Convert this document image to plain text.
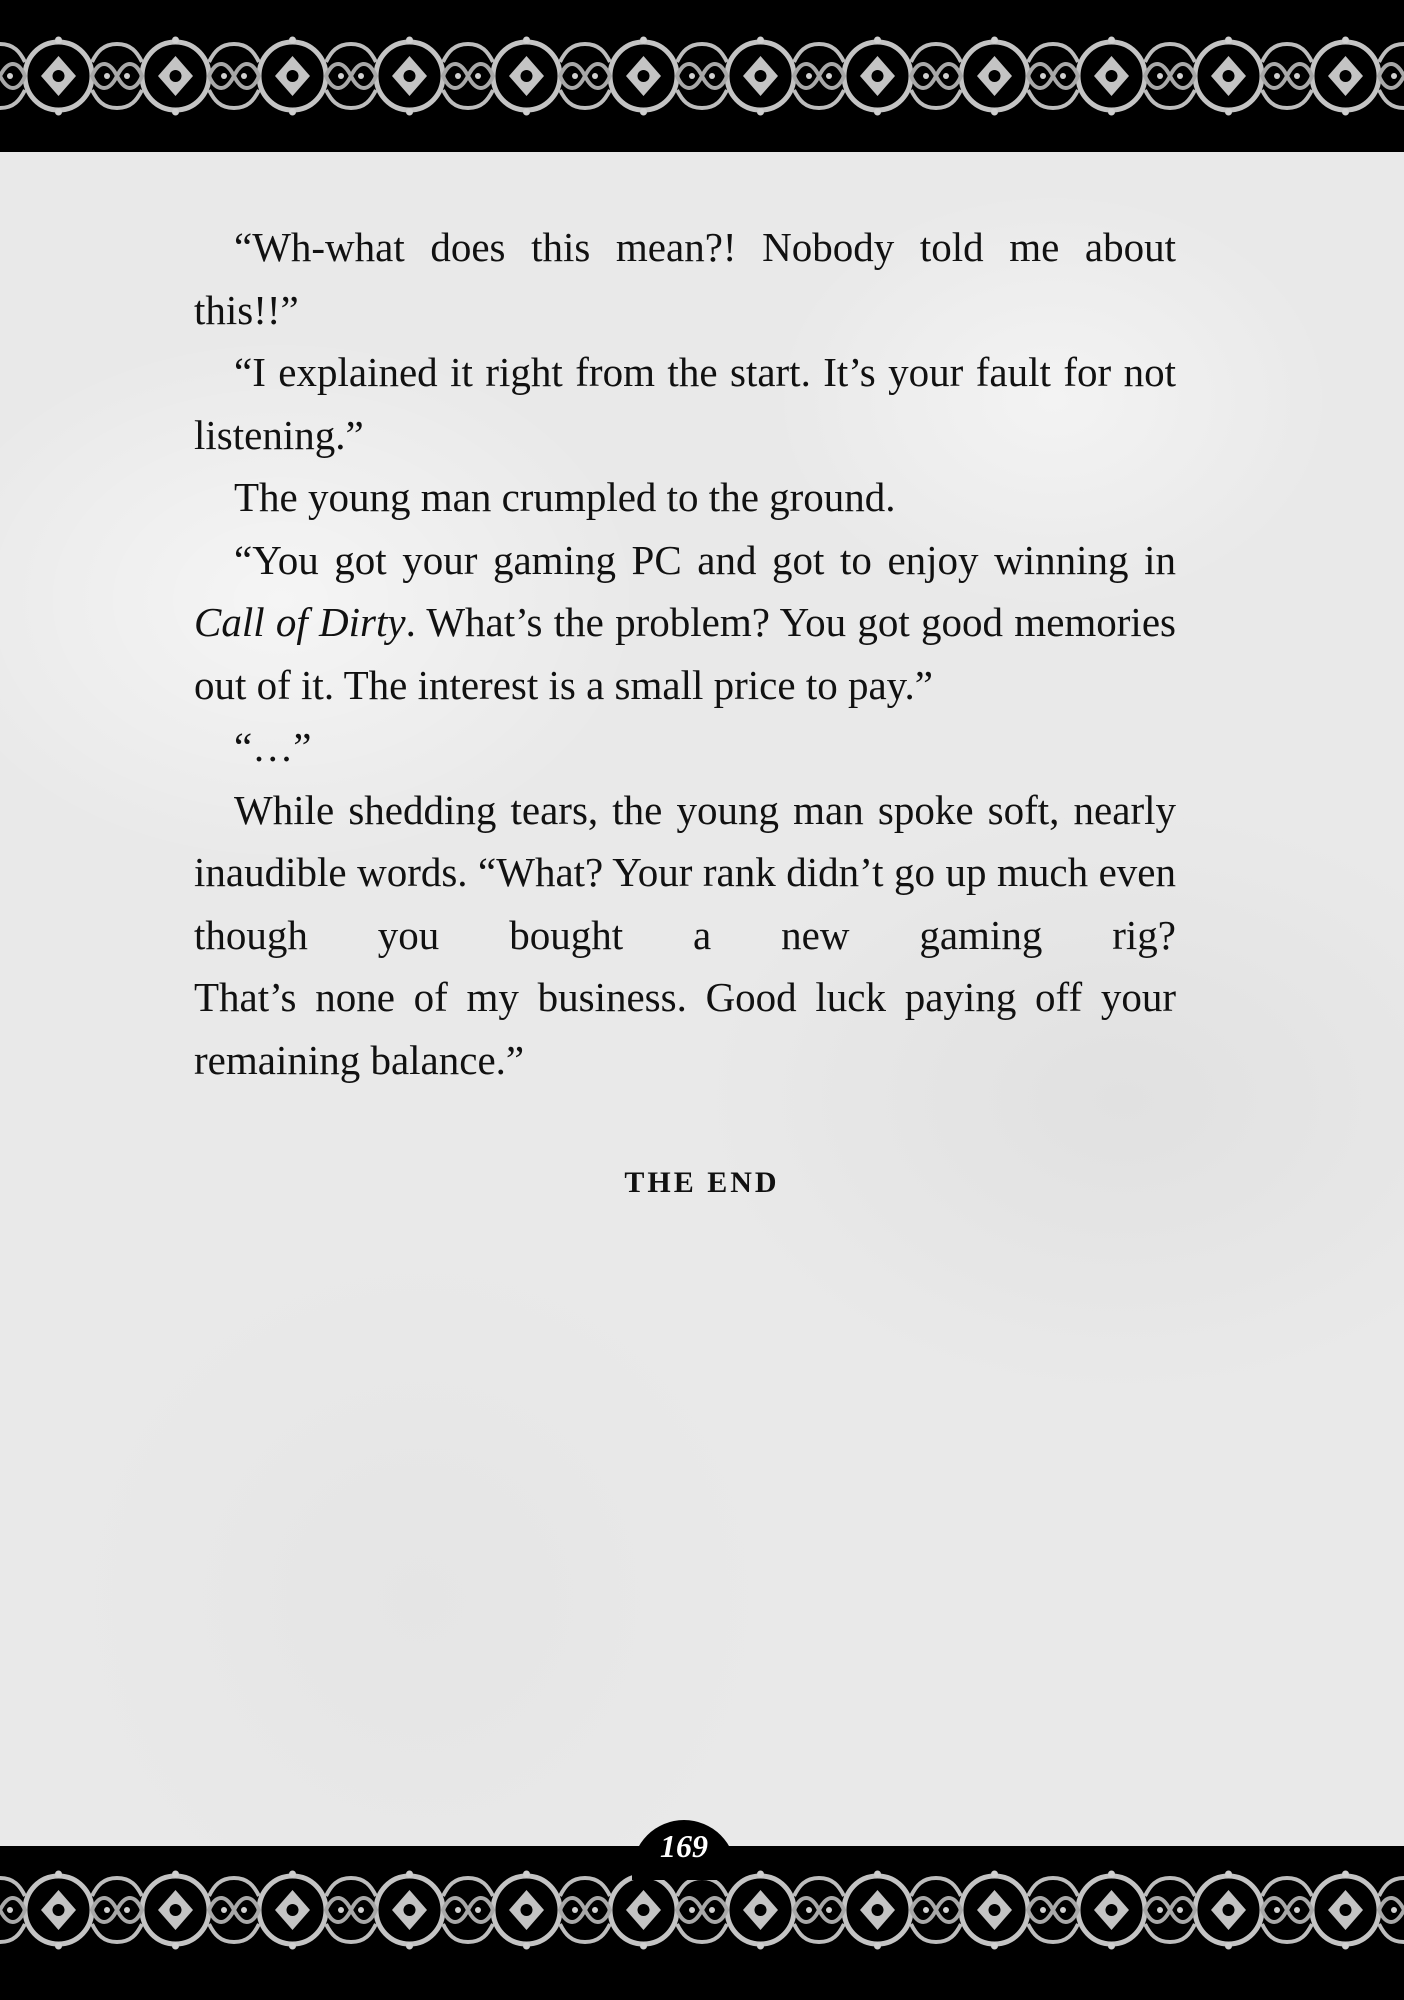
“Wh-what does this mean?! Nobody told me about this!!”

“I explained it right from the start. It’s your fault for not listening.”

The young man crumpled to the ground.

“You got your gaming PC and got to enjoy winning in Call of Dirty. What’s the problem? You got good memories out of it. The interest is a small price to pay.”

“…”

While shedding tears, the young man spoke soft, nearly inaudible words. “What? Your rank didn’t go up much even though you bought a new gaming rig?

That’s none of my business. Good luck paying off your remaining balance.”

THE END
169
